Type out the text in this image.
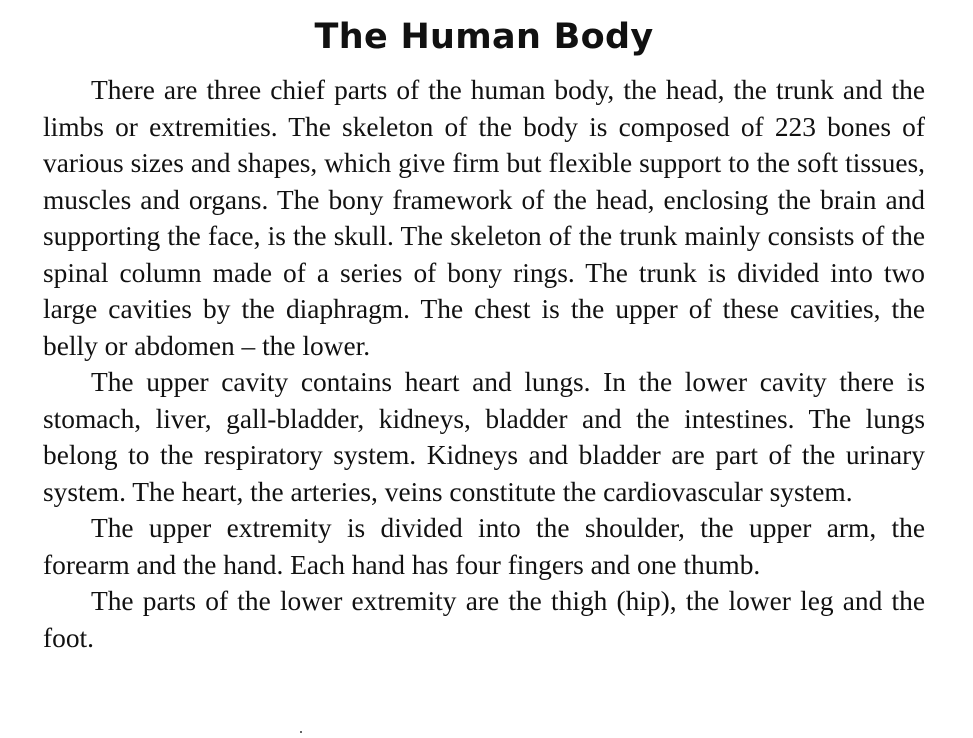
The Human Body

There are three chief parts of the human body, the head, the trunk and the limbs or extremities. The skeleton of the body is composed of 223 bones of various sizes and shapes, which give firm but flexible support to the soft tissues, muscles and organs. The bony framework of the head, enclosing the brain and supporting the face, is the skull. The skeleton of the trunk mainly consists of the spinal column made of a series of bony rings. The trunk is divided into two large cavities by the diaphragm. The chest is the upper of these cavities, the belly or abdomen – the lower.

The upper cavity contains heart and lungs. In the lower cavity there is stomach, liver, gall-bladder, kidneys, bladder and the intestines. The lungs belong to the respiratory system. Kidneys and bladder are part of the urinary system. The heart, the arteries, veins constitute the cardiovascular system.

The upper extremity is divided into the shoulder, the upper arm, the forearm and the hand. Each hand has four fingers and one thumb.

The parts of the lower extremity are the thigh (hip), the lower leg and the foot.
